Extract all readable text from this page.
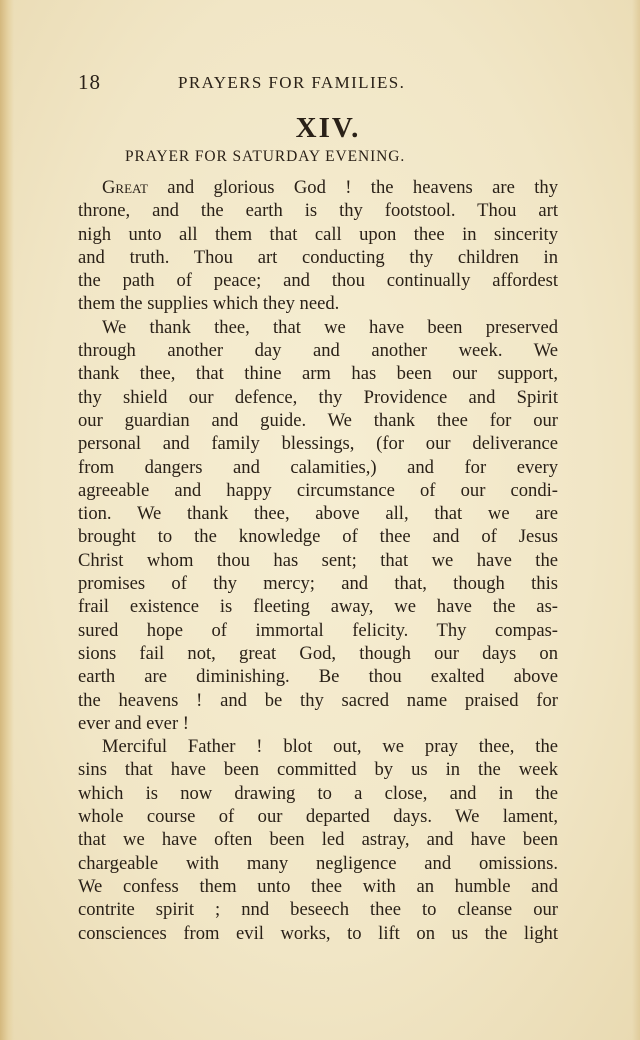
18	PRAYERS FOR FAMILIES.
XIV.
PRAYER FOR SATURDAY EVENING.
Great and glorious God ! the heavens are thy
throne, and the earth is thy footstool. Thou art
nigh unto all them that call upon thee in sincerity
and truth. Thou art conducting thy children in
the path of peace; and thou continually affordest
them the supplies which they need.
We thank thee, that we have been preserved
through another day and another week. We
thank thee, that thine arm has been our support,
thy shield our defence, thy Providence and Spirit
our guardian and guide. We thank thee for our
personal and family blessings, (for our deliverance
from dangers and calamities,) and for every
agreeable and happy circumstance of our condi-
tion. We thank thee, above all, that we are
brought to the knowledge of thee and of Jesus
Christ whom thou has sent; that we have the
promises of thy mercy; and that, though this
frail existence is fleeting away, we have the as-
sured hope of immortal felicity. Thy compas-
sions fail not, great God, though our days on
earth are diminishing. Be thou exalted above
the heavens ! and be thy sacred name praised for
ever and ever !
Merciful Father ! blot out, we pray thee, the
sins that have been committed by us in the week
which is now drawing to a close, and in the
whole course of our departed days. We lament,
that we have often been led astray, and have been
chargeable with many negligence and omissions.
We confess them unto thee with an humble and
contrite spirit ; nnd beseech thee to cleanse our
consciences from evil works, to lift on us the light
